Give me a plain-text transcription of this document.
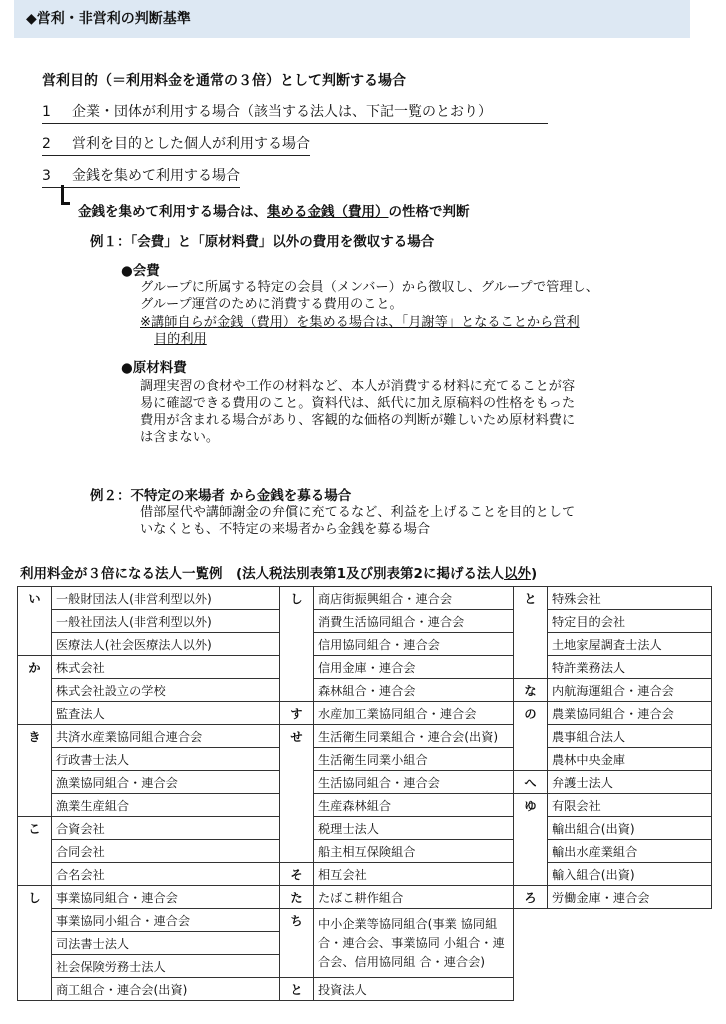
◆営利・非営利の判断基準
営利目的（＝利用料金を通常の３倍）として判断する場合
1 企業・団体が利用する場合（該当する法人は、下記一覧のとおり）
2 営利を目的とした個人が利用する場合
3 金銭を集めて利用する場合
金銭を集めて利用する場合は、集める金銭（費用）の性格で判断
例１：「会費」と「原材料費」以外の費用を徴収する場合
●会費
グループに所属する特定の会員（メンバー）から徴収し、グループで管理し、
グループ運営のために消費する費用のこと。
※講師自らが金銭（費用）を集める場合は、「月謝等」となることから営利
目的利用
●原材料費
調理実習の食材や工作の材料など、本人が消費する材料に充てることが容
易に確認できる費用のこと。資料代は、紙代に加え原稿料の性格をもった
費用が含まれる場合があり、客観的な価格の判断が難しいため原材料費に
は含まない。
例２：不特定の来場者 から金銭を募る場合
借部屋代や講師謝金の弁償に充てるなど、利益を上げることを目的として
いなくとも、不特定の来場者から金銭を募る場合
利用料金が３倍になる法人一覧例　(法人税法別表第1及び別表第2に掲げる法人以外)
い	一般財団法人(非営利型以外)	し	商店街振興組合・連合会	と	特殊会社
	一般社団法人(非営利型以外)		消費生活協同組合・連合会		特定目的会社
	医療法人(社会医療法人以外)		信用協同組合・連合会		土地家屋調査士法人
か	株式会社		信用金庫・連合会		特許業務法人
	株式会社設立の学校		森林組合・連合会	な	内航海運組合・連合会
	監査法人	す	水産加工業協同組合・連合会	の	農業協同組合・連合会
き	共済水産業協同組合連合会	せ	生活衛生同業組合・連合会(出資)		農事組合法人
	行政書士法人		生活衛生同業小組合		農林中央金庫
	漁業協同組合・連合会		生活協同組合・連合会	へ	弁護士法人
	漁業生産組合		生産森林組合	ゆ	有限会社
こ	合資会社		税理士法人		輸出組合(出資)
	合同会社		船主相互保険組合		輸出水産業組合
	合名会社	そ	相互会社		輸入組合(出資)
し	事業協同組合・連合会	た	たばこ耕作組合	ろ	労働金庫・連合会
	事業協同小組合・連合会	ち	中小企業等協同組合(事業 協同組合・連合会、事業協同 小組合・連合会、信用協同組 合・連合会)		
	司法書士法人				
	社会保険労務士法人				
	商工組合・連合会(出資)	と	投資法人		
